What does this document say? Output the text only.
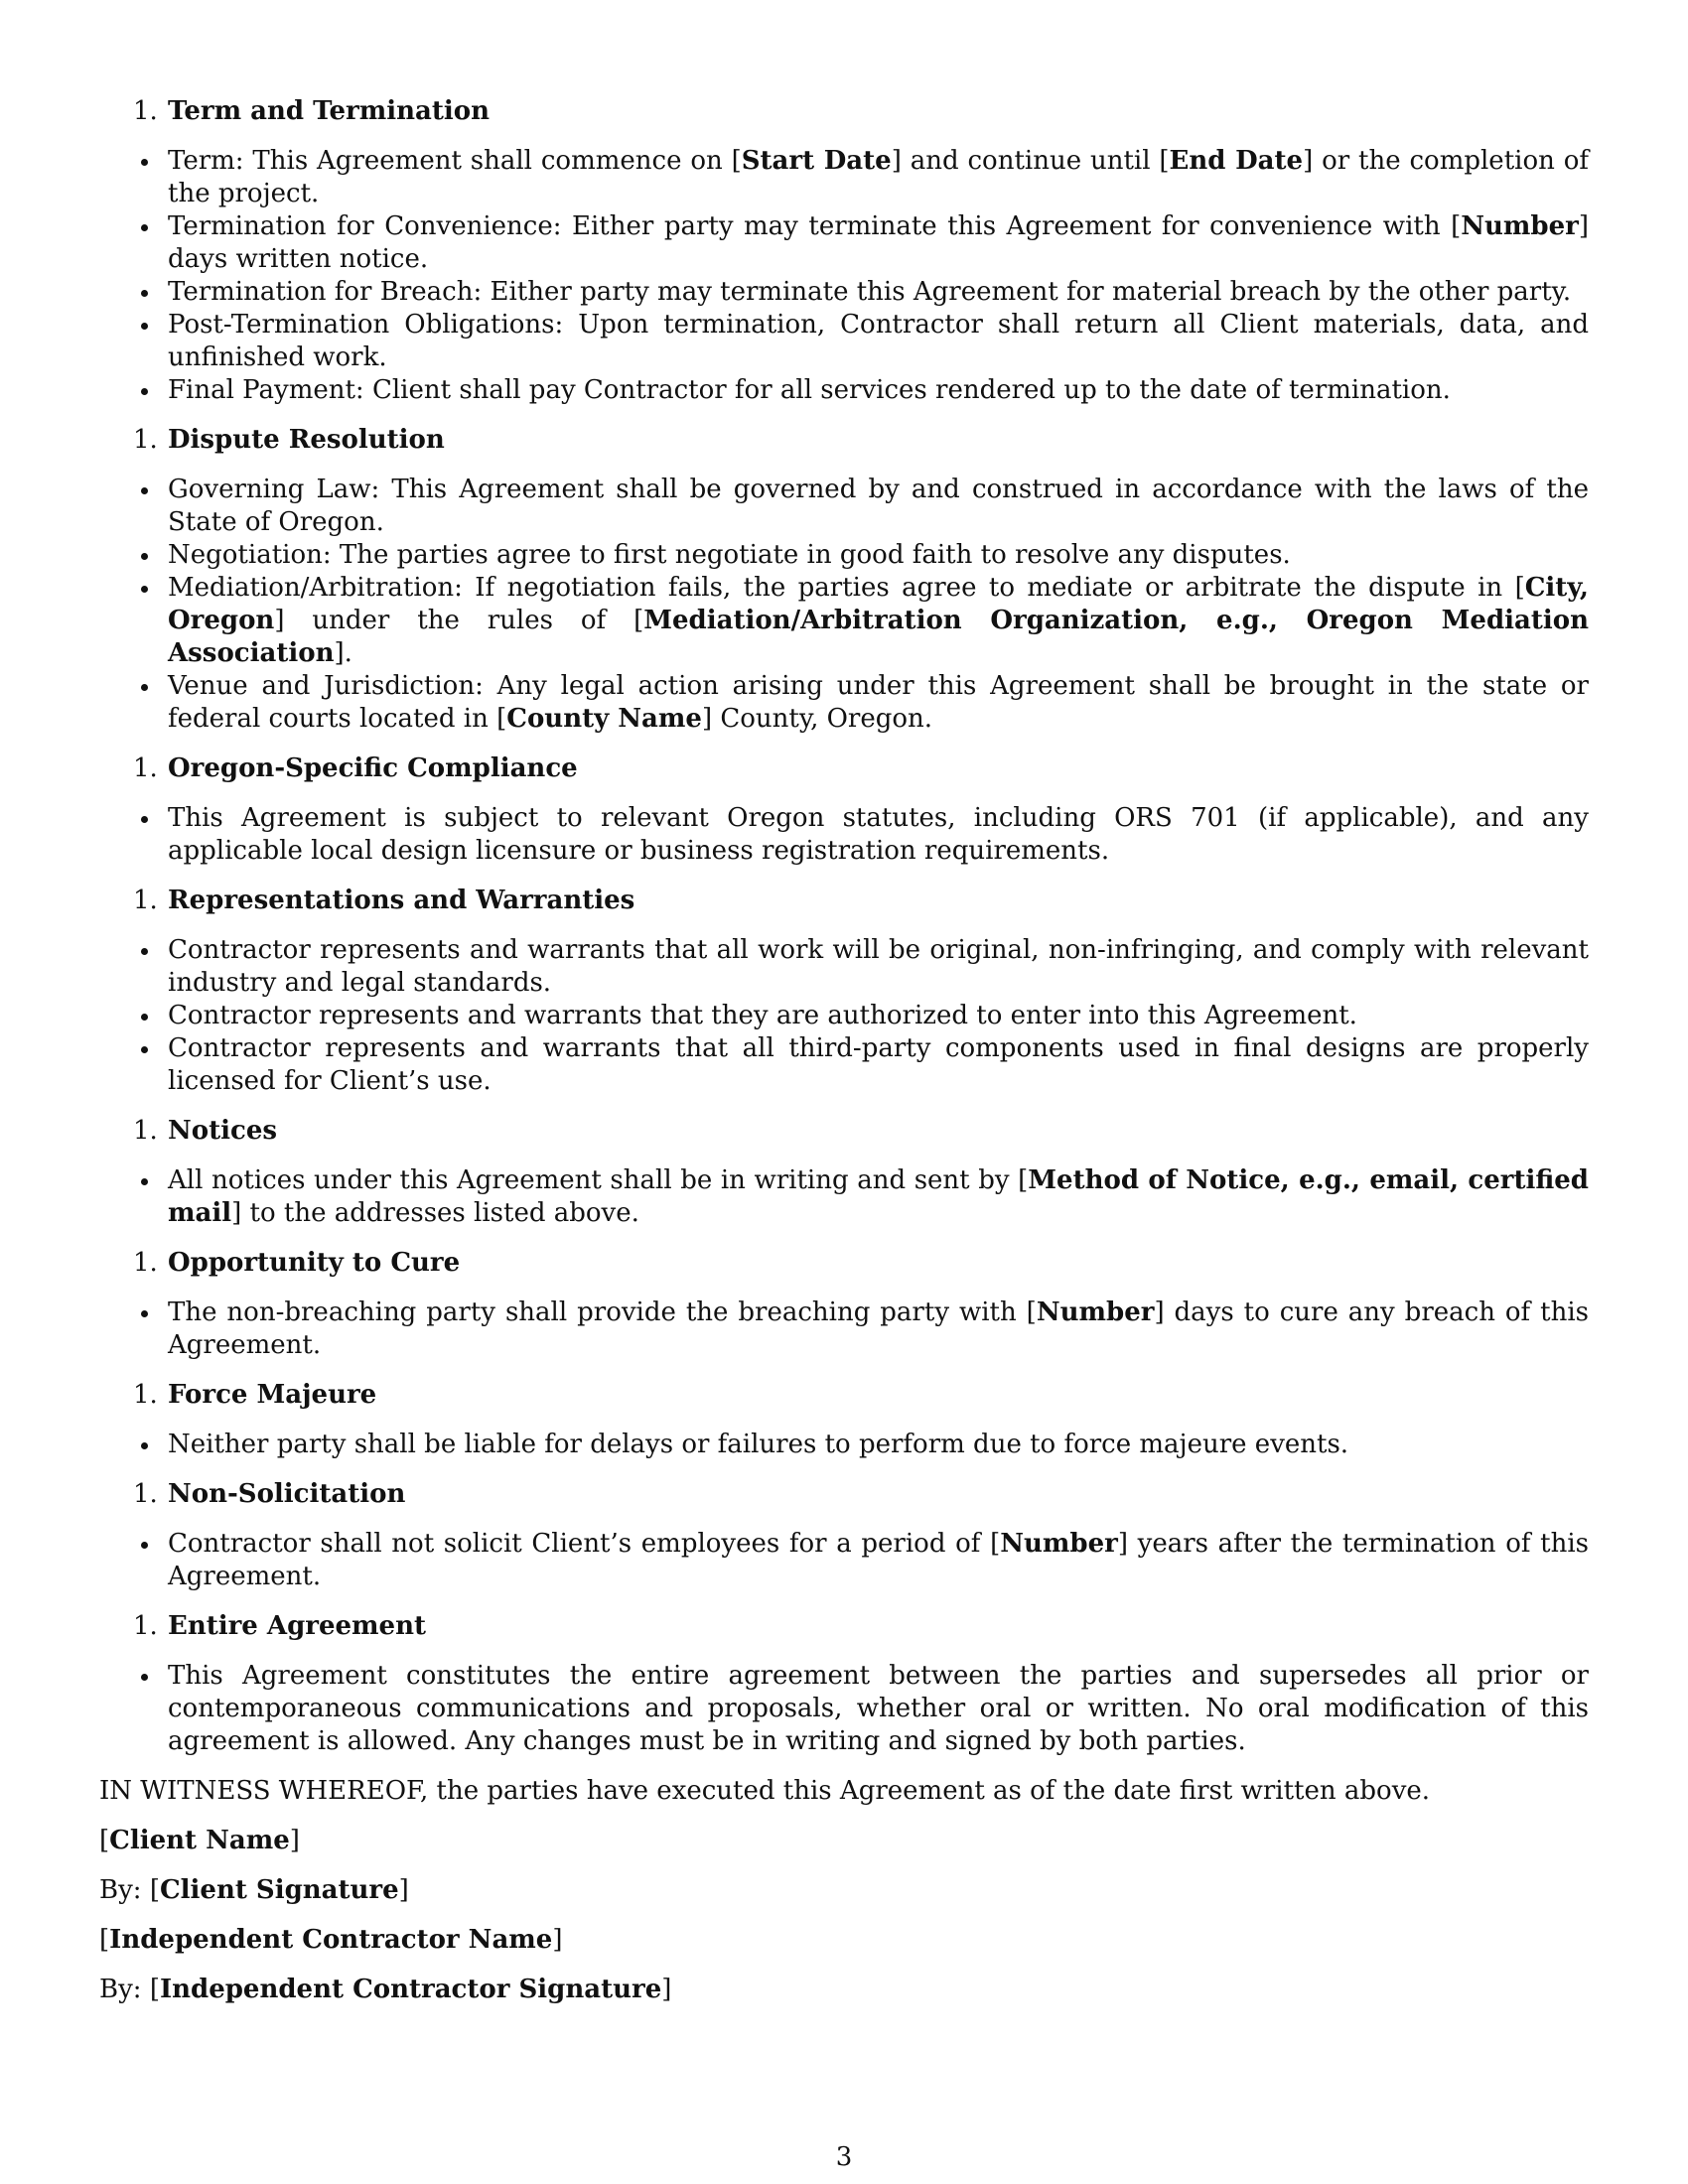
1. Term and Termination
Term: This Agreement shall commence on [Start Date] and continue until [End Date] or the completion of the project.
Termination for Convenience: Either party may terminate this Agreement for convenience with [Number] days written notice.
Termination for Breach: Either party may terminate this Agreement for material breach by the other party.
Post-Termination Obligations: Upon termination, Contractor shall return all Client materials, data, and unfinished work.
Final Payment: Client shall pay Contractor for all services rendered up to the date of termination.
1. Dispute Resolution
Governing Law: This Agreement shall be governed by and construed in accordance with the laws of the State of Oregon.
Negotiation: The parties agree to first negotiate in good faith to resolve any disputes.
Mediation/Arbitration: If negotiation fails, the parties agree to mediate or arbitrate the dispute in [City, Oregon] under the rules of [Mediation/Arbitration Organization, e.g., Oregon Mediation Association].
Venue and Jurisdiction: Any legal action arising under this Agreement shall be brought in the state or federal courts located in [County Name] County, Oregon.
1. Oregon-Specific Compliance
This Agreement is subject to relevant Oregon statutes, including ORS 701 (if applicable), and any applicable local design licensure or business registration requirements.
1. Representations and Warranties
Contractor represents and warrants that all work will be original, non-infringing, and comply with relevant industry and legal standards.
Contractor represents and warrants that they are authorized to enter into this Agreement.
Contractor represents and warrants that all third-party components used in final designs are properly licensed for Client’s use.
1. Notices
All notices under this Agreement shall be in writing and sent by [Method of Notice, e.g., email, certified mail] to the addresses listed above.
1. Opportunity to Cure
The non-breaching party shall provide the breaching party with [Number] days to cure any breach of this Agreement.
1. Force Majeure
Neither party shall be liable for delays or failures to perform due to force majeure events.
1. Non-Solicitation
Contractor shall not solicit Client’s employees for a period of [Number] years after the termination of this Agreement.
1. Entire Agreement
This Agreement constitutes the entire agreement between the parties and supersedes all prior or contemporaneous communications and proposals, whether oral or written. No oral modification of this agreement is allowed. Any changes must be in writing and signed by both parties.
IN WITNESS WHEREOF, the parties have executed this Agreement as of the date first written above.
[Client Name]
By: [Client Signature]
[Independent Contractor Name]
By: [Independent Contractor Signature]
3
